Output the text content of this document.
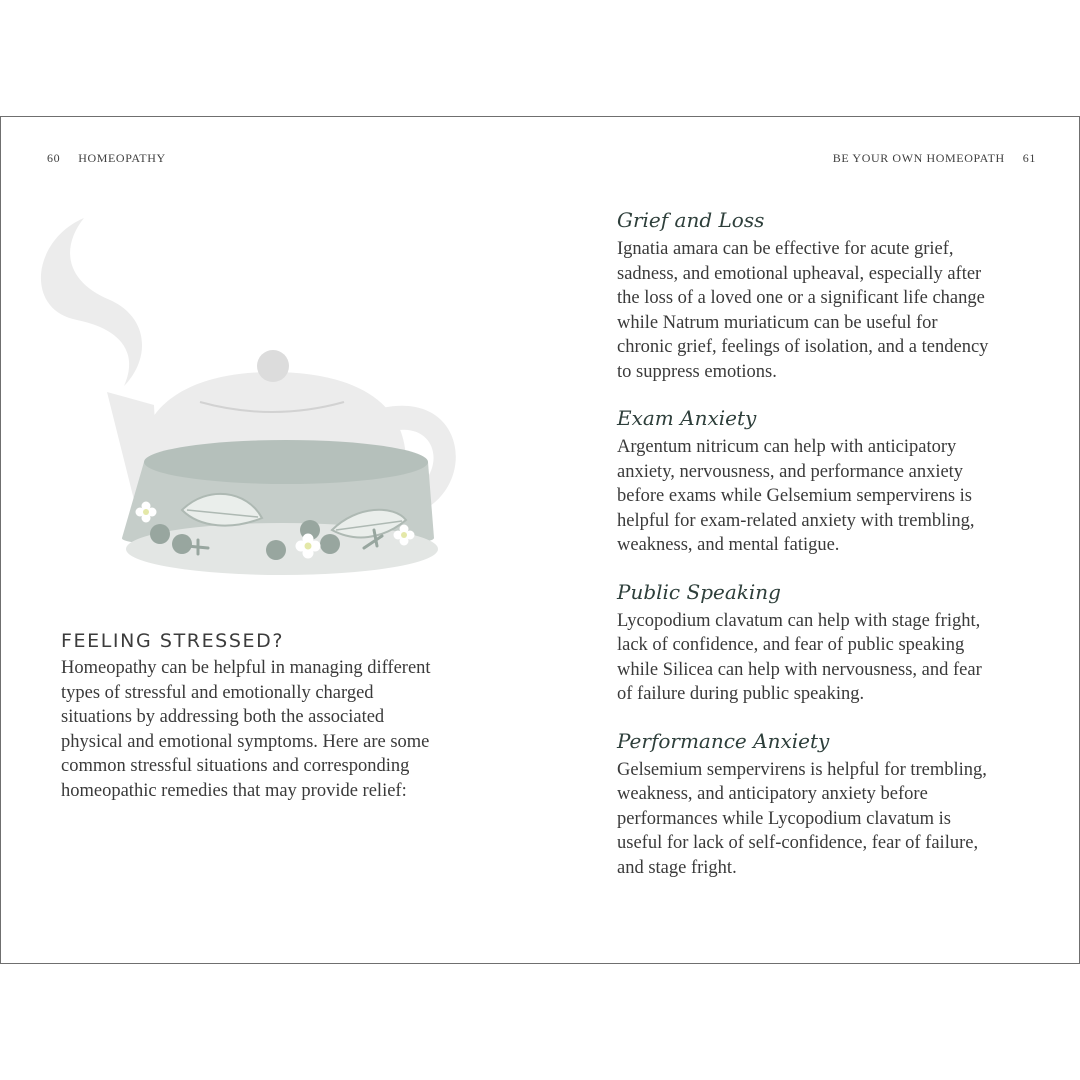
60 HOMEOPATHY	BE YOUR OWN HOMEOPATH 61
FEELING STRESSED?

Homeopathy can be helpful in managing different
types of stressful and emotionally charged
situations by addressing both the associated
physical and emotional symptoms. Here are some
common stressful situations and corresponding
homeopathic remedies that may provide relief:

Grief and Loss

Ignatia amara can be effective for acute grief,
sadness, and emotional upheaval, especially after
the loss of a loved one or a significant life change
while Natrum muriaticum can be useful for
chronic grief, feelings of isolation, and a tendency
to suppress emotions.

Exam Anxiety

Argentum nitricum can help with anticipatory
anxiety, nervousness, and performance anxiety
before exams while Gelsemium sempervirens is
helpful for exam-related anxiety with trembling,
weakness, and mental fatigue.

Public Speaking

Lycopodium clavatum can help with stage fright,
lack of confidence, and fear of public speaking
while Silicea can help with nervousness, and fear
of failure during public speaking.

Performance Anxiety

Gelsemium sempervirens is helpful for trembling,
weakness, and anticipatory anxiety before
performances while Lycopodium clavatum is
useful for lack of self-confidence, fear of failure,
and stage fright.
